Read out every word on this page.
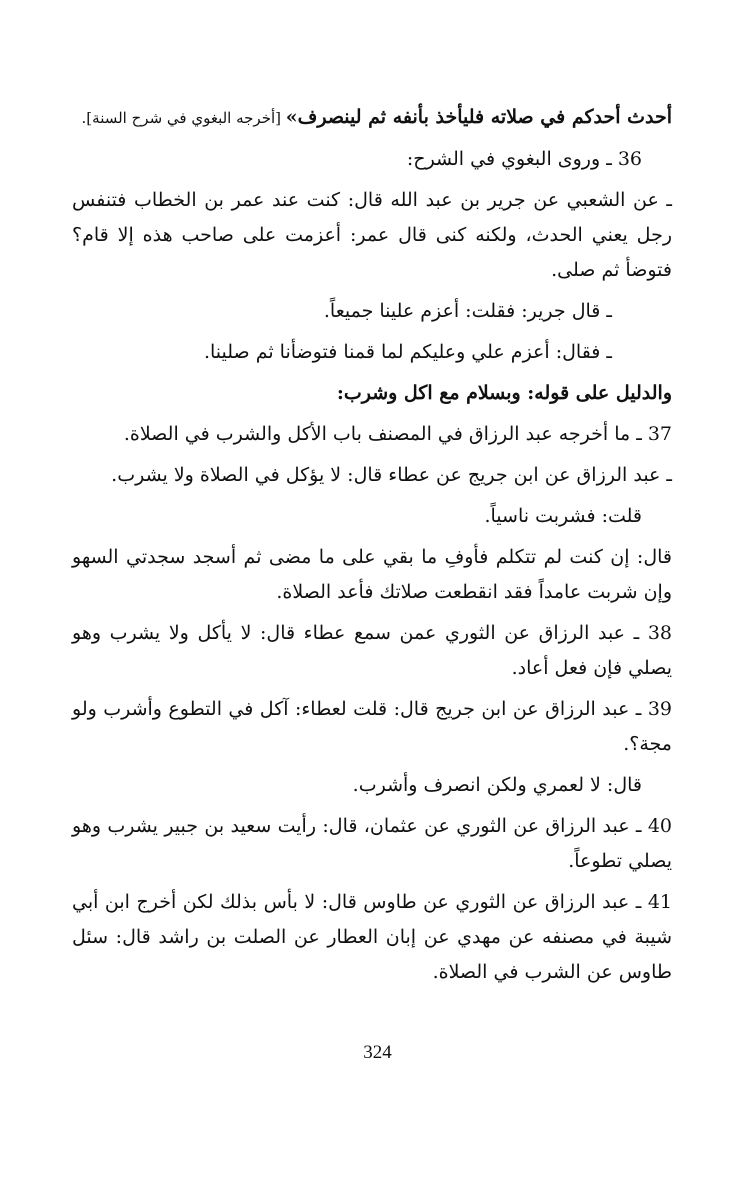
أحدث أحدكم في صلاته فليأخذ بأنفه ثم لينصرف» [أخرجه البغوي في شرح السنة].

36 ـ وروى البغوي في الشرح:

ـ عن الشعبي عن جرير بن عبد الله قال: كنت عند عمر بن الخطاب فتنفس رجل يعني الحدث، ولكنه كنى قال عمر: أعزمت على صاحب هذه إلا قام؟ فتوضأ ثم صلى.

ـ قال جرير: فقلت: أعزم علينا جميعاً.

ـ فقال: أعزم علي وعليكم لما قمنا فتوضأنا ثم صلينا.

والدليل على قوله: وبسلام مع اكل وشرب:

37 ـ ما أخرجه عبد الرزاق في المصنف باب الأكل والشرب في الصلاة.

ـ عبد الرزاق عن ابن جريج عن عطاء قال: لا يؤكل في الصلاة ولا يشرب.

قلت: فشربت ناسياً.

قال: إن كنت لم تتكلم فأوفِ ما بقي على ما مضى ثم أسجد سجدتي السهو وإن شربت عامداً فقد انقطعت صلاتك فأعد الصلاة.

38 ـ عبد الرزاق عن الثوري عمن سمع عطاء قال: لا يأكل ولا يشرب وهو يصلي فإن فعل أعاد.

39 ـ عبد الرزاق عن ابن جريج قال: قلت لعطاء: آكل في التطوع وأشرب ولو مجة؟.

قال: لا لعمري ولكن انصرف وأشرب.

40 ـ عبد الرزاق عن الثوري عن عثمان، قال: رأيت سعيد بن جبير يشرب وهو يصلي تطوعاً.

41 ـ عبد الرزاق عن الثوري عن طاوس قال: لا بأس بذلك لكن أخرج ابن أبي شيبة في مصنفه عن مهدي عن إبان العطار عن الصلت بن راشد قال: سئل طاوس عن الشرب في الصلاة.

324
